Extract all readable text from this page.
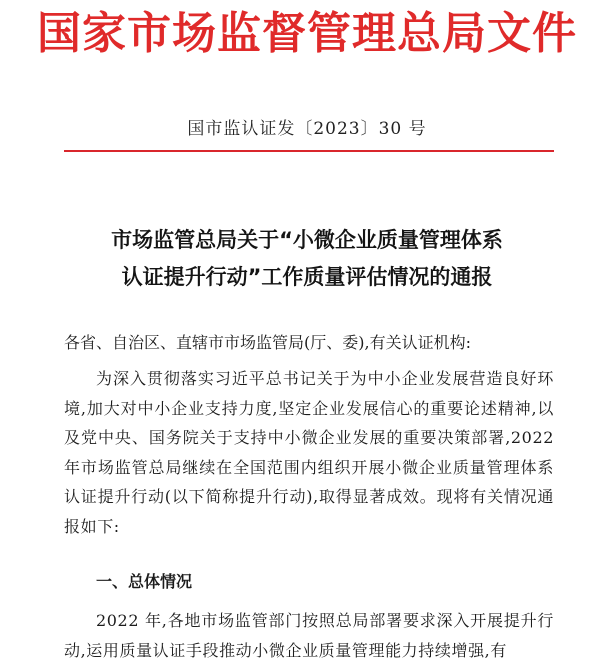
国家市场监督管理总局文件
国市监认证发〔2023〕30 号
市场监管总局关于“小微企业质量管理体系
认证提升行动”工作质量评估情况的通报
各省、自治区、直辖市市场监管局(厅、委),有关认证机构:
为深入贯彻落实习近平总书记关于为中小企业发展营造良好环境,加大对中小企业支持力度,坚定企业发展信心的重要论述精神,以及党中央、国务院关于支持中小微企业发展的重要决策部署,2022 年市场监管总局继续在全国范围内组织开展小微企业质量管理体系认证提升行动(以下简称提升行动),取得显著成效。现将有关情况通报如下:
一、总体情况
2022 年,各地市场监管部门按照总局部署要求深入开展提升行动,运用质量认证手段推动小微企业质量管理能力持续增强,有
